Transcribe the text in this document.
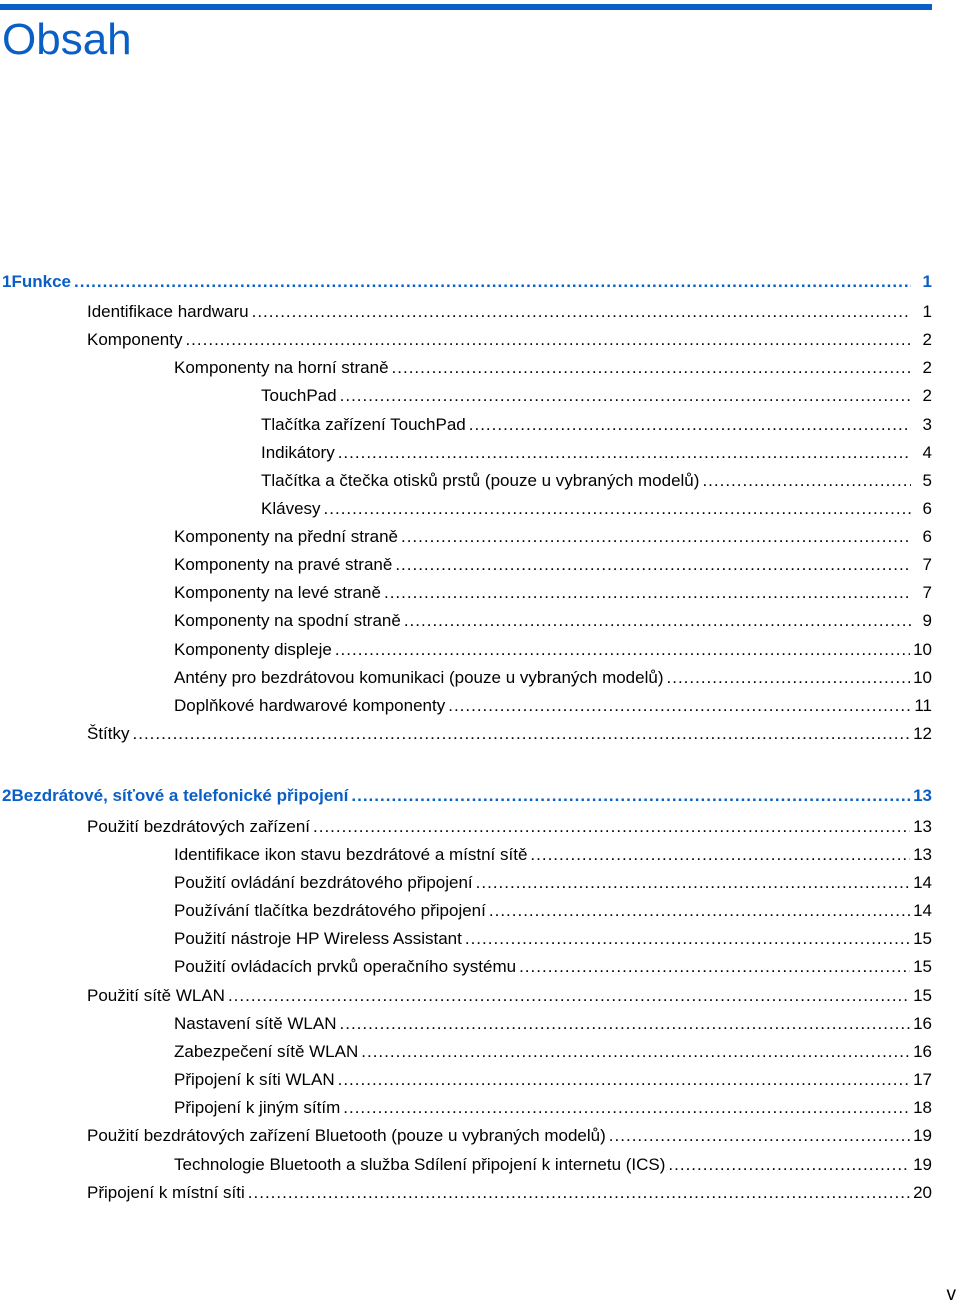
Obsah
1 Funkce .....	1
Identifikace hardwaru .....	1
Komponenty .....	2
Komponenty na horní straně .....	2
TouchPad .....	2
Tlačítka zařízení TouchPad .....	3
Indikátory .....	4
Tlačítka a čtečka otisků prstů (pouze u vybraných modelů) .....	5
Klávesy .....	6
Komponenty na přední straně .....	6
Komponenty na pravé straně .....	7
Komponenty na levé straně .....	7
Komponenty na spodní straně .....	9
Komponenty displeje .....	10
Antény pro bezdrátovou komunikaci (pouze u vybraných modelů) .....	10
Doplňkové hardwarové komponenty .....	11
Štítky .....	12
2 Bezdrátové, síťové a telefonické připojení .....	13
Použití bezdrátových zařízení .....	13
Identifikace ikon stavu bezdrátové a místní sítě .....	13
Použití ovládání bezdrátového připojení .....	14
Používání tlačítka bezdrátového připojení .....	14
Použití nástroje HP Wireless Assistant .....	15
Použití ovládacích prvků operačního systému .....	15
Použití sítě WLAN .....	15
Nastavení sítě WLAN .....	16
Zabezpečení sítě WLAN .....	16
Připojení k síti WLAN .....	17
Připojení k jiným sítím .....	18
Použití bezdrátových zařízení Bluetooth (pouze u vybraných modelů) .....	19
Technologie Bluetooth a služba Sdílení připojení k internetu (ICS) .....	19
Připojení k místní síti .....	20
v
